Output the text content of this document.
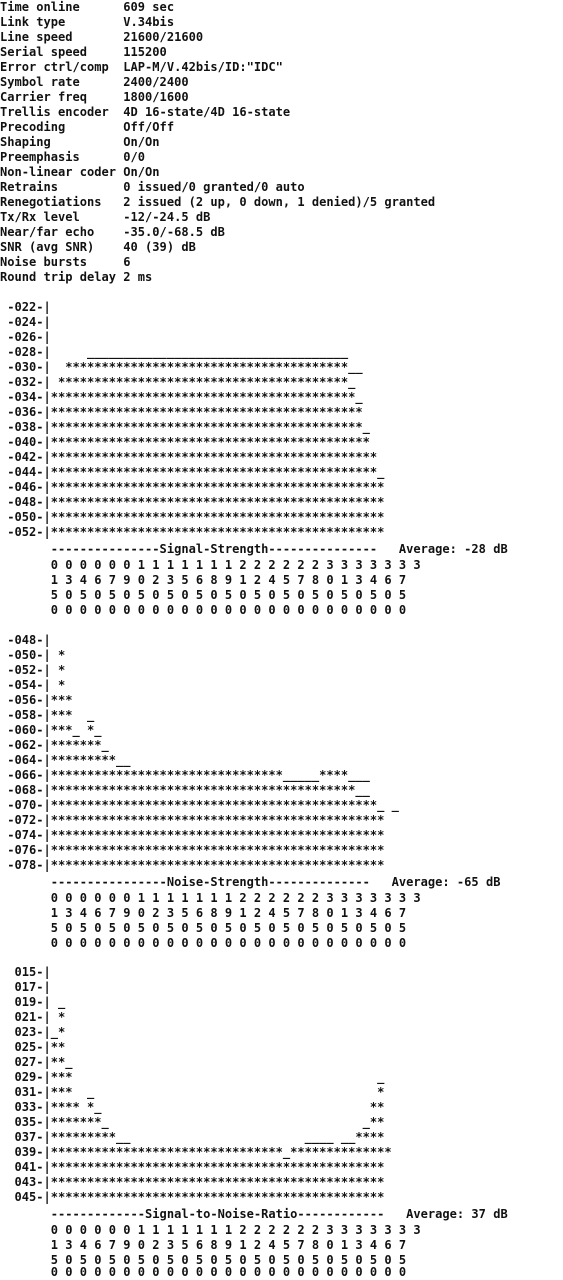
Time online      609 sec
Link type        V.34bis
Line speed       21600/21600
Serial speed     115200
Error ctrl/comp  LAP-M/V.42bis/ID:"IDC"
Symbol rate      2400/2400
Carrier freq     1800/1600
Trellis encoder  4D 16-state/4D 16-state
Precoding        Off/Off
Shaping          On/On
Preemphasis      0/0
Non-linear coder On/On
Retrains         0 issued/0 granted/0 auto
Renegotiations   2 issued (2 up, 0 down, 1 denied)/5 granted
Tx/Rx level      -12/-24.5 dB
Near/far echo    -35.0/-68.5 dB
SNR (avg SNR)    40 (39) dB
Noise bursts     6
Round trip delay 2 ms
-022-|
-024-|
-026-|
-028-|     ____________________________________
-030-|  ***************************************__
-032-| ****************************************_
-034-|******************************************_
-036-|*******************************************
-038-|*******************************************_
-040-|********************************************
-042-|*********************************************
-044-|*********************************************_
-046-|**********************************************
-048-|**********************************************
-050-|**********************************************
-052-|**********************************************
---------------Signal-Strength---------------   Average: -28 dB
0 0 0 0 0 0 1 1 1 1 1 1 1 2 2 2 2 2 2 3 3 3 3 3 3 3
1 3 4 6 7 9 0 2 3 5 6 8 9 1 2 4 5 7 8 0 1 3 4 6 7
5 0 5 0 5 0 5 0 5 0 5 0 5 0 5 0 5 0 5 0 5 0 5 0 5
0 0 0 0 0 0 0 0 0 0 0 0 0 0 0 0 0 0 0 0 0 0 0 0 0
-048-|
-050-| *
-052-| *
-054-| *
-056-|***
-058-|***  _
-060-|***_ *_
-062-|*******_
-064-|*********__
-066-|********************************_____****___
-068-|******************************************__
-070-|*********************************************_ _
-072-|**********************************************
-074-|**********************************************
-076-|**********************************************
-078-|**********************************************
----------------Noise-Strength--------------   Average: -65 dB
0 0 0 0 0 0 1 1 1 1 1 1 1 2 2 2 2 2 2 3 3 3 3 3 3 3
1 3 4 6 7 9 0 2 3 5 6 8 9 1 2 4 5 7 8 0 1 3 4 6 7
5 0 5 0 5 0 5 0 5 0 5 0 5 0 5 0 5 0 5 0 5 0 5 0 5
0 0 0 0 0 0 0 0 0 0 0 0 0 0 0 0 0 0 0 0 0 0 0 0 0
015-|
017-|
019-| _
021-| *
023-|_*
025-|**
027-|**_
029-|***                                          _
031-|***  _                                       *
033-|**** *_                                     **
035-|*******_                                   _**
037-|*********__                        ____ __****
039-|********************************_**************
041-|**********************************************
043-|**********************************************
045-|**********************************************
-------------Signal-to-Noise-Ratio------------   Average: 37 dB
0 0 0 0 0 0 1 1 1 1 1 1 1 2 2 2 2 2 2 3 3 3 3 3 3 3
1 3 4 6 7 9 0 2 3 5 6 8 9 1 2 4 5 7 8 0 1 3 4 6 7
5 0 5 0 5 0 5 0 5 0 5 0 5 0 5 0 5 0 5 0 5 0 5 0 5
0 0 0 0 0 0 0 0 0 0 0 0 0 0 0 0 0 0 0 0 0 0 0 0 0
